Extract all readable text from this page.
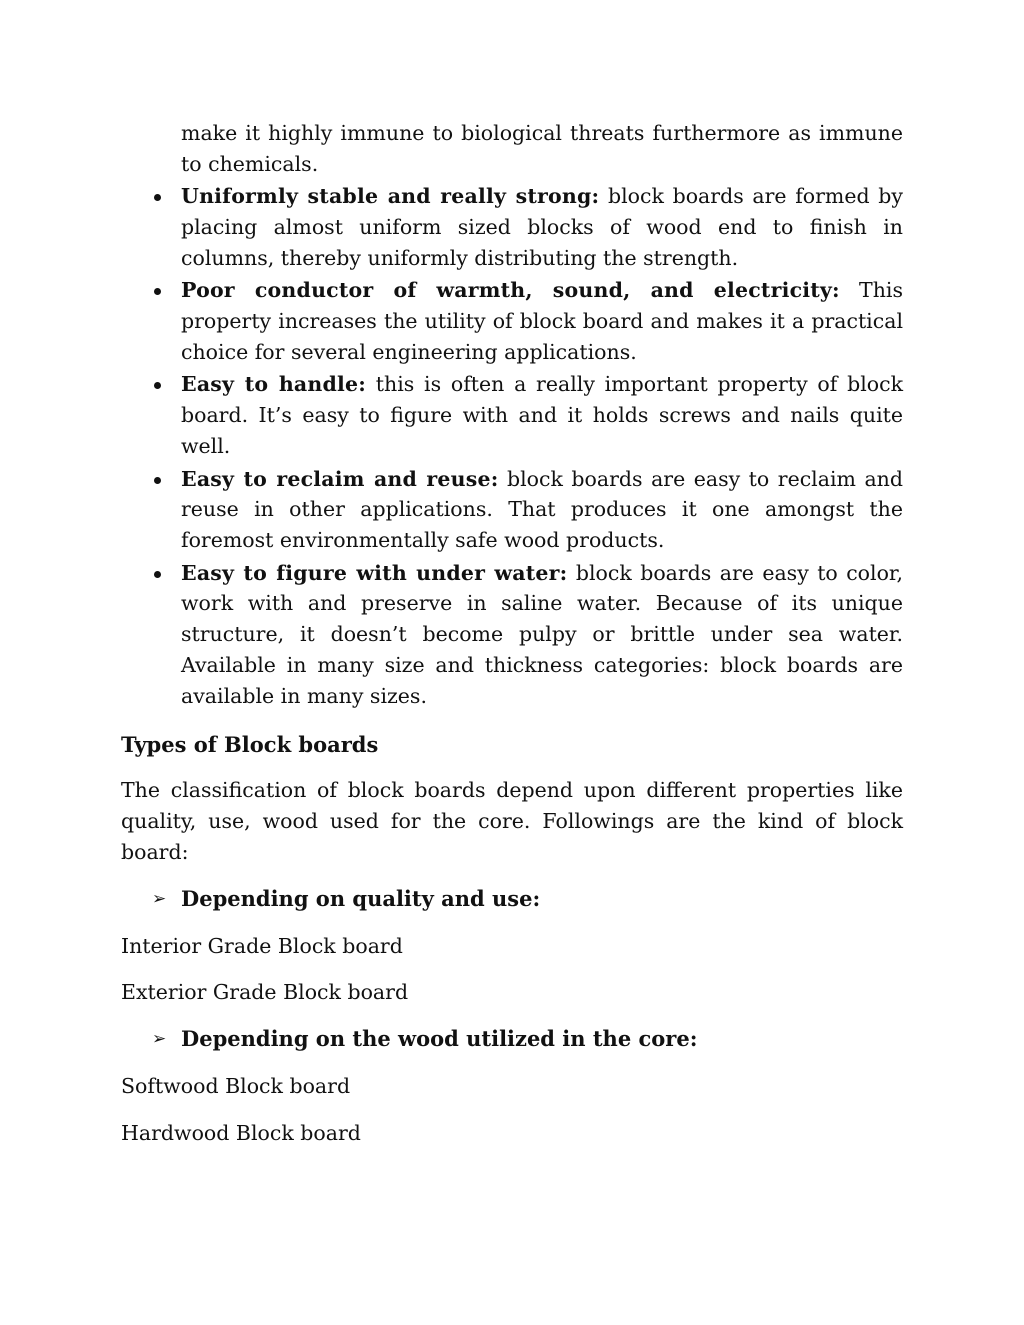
make it highly immune to biological threats furthermore as immune to chemicals.
Uniformly stable and really strong: block boards are formed by placing almost uniform sized blocks of wood end to finish in columns, thereby uniformly distributing the strength.
Poor conductor of warmth, sound, and electricity: This property increases the utility of block board and makes it a practical choice for several engineering applications.
Easy to handle: this is often a really important property of block board. It’s easy to figure with and it holds screws and nails quite well.
Easy to reclaim and reuse: block boards are easy to reclaim and reuse in other applications. That produces it one amongst the foremost environmentally safe wood products.
Easy to figure with under water: block boards are easy to color, work with and preserve in saline water. Because of its unique structure, it doesn’t become pulpy or brittle under sea water. Available in many size and thickness categories: block boards are available in many sizes.
Types of Block boards

The classification of block boards depend upon different properties like quality, use, wood used for the core. Followings are the kind of block board:

➢ Depending on quality and use:
Interior Grade Block board
Exterior Grade Block board
➢ Depending on the wood utilized in the core:
Softwood Block board
Hardwood Block board
